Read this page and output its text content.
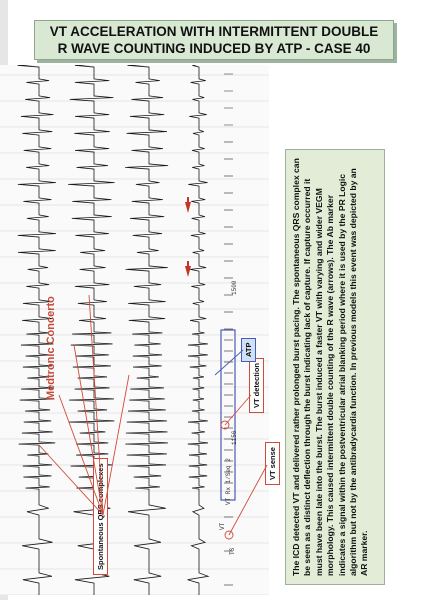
VT ACCELERATION WITH INTERMITTENT DOUBLE
R WAVE COUNTING INDUCED BY ATP - CASE 40
Medtronic Concerto
Spontaneous QRS complexes
VT detection
VT sense
ATP
VT Rx 1/Seq 2
VT
TS
1156
1500	The ICD detected VT and delivered rather prolonged burst pacing. The spontaneous QRS complex can be seen as a distinct deflection through the burst indicating lack of capture. If capture occurred it must have been late into the burst. The burst induced a faster VT with varying and wider VEGM morphology. This caused intermittent double counting of the R wave (arrows). The Ab marker indicates a signal within the postventricular atrial blanking period where it is used by the PR Logic algorithm but not by the antibradycardia function. In previous models this event was depicted by an AR marker.
